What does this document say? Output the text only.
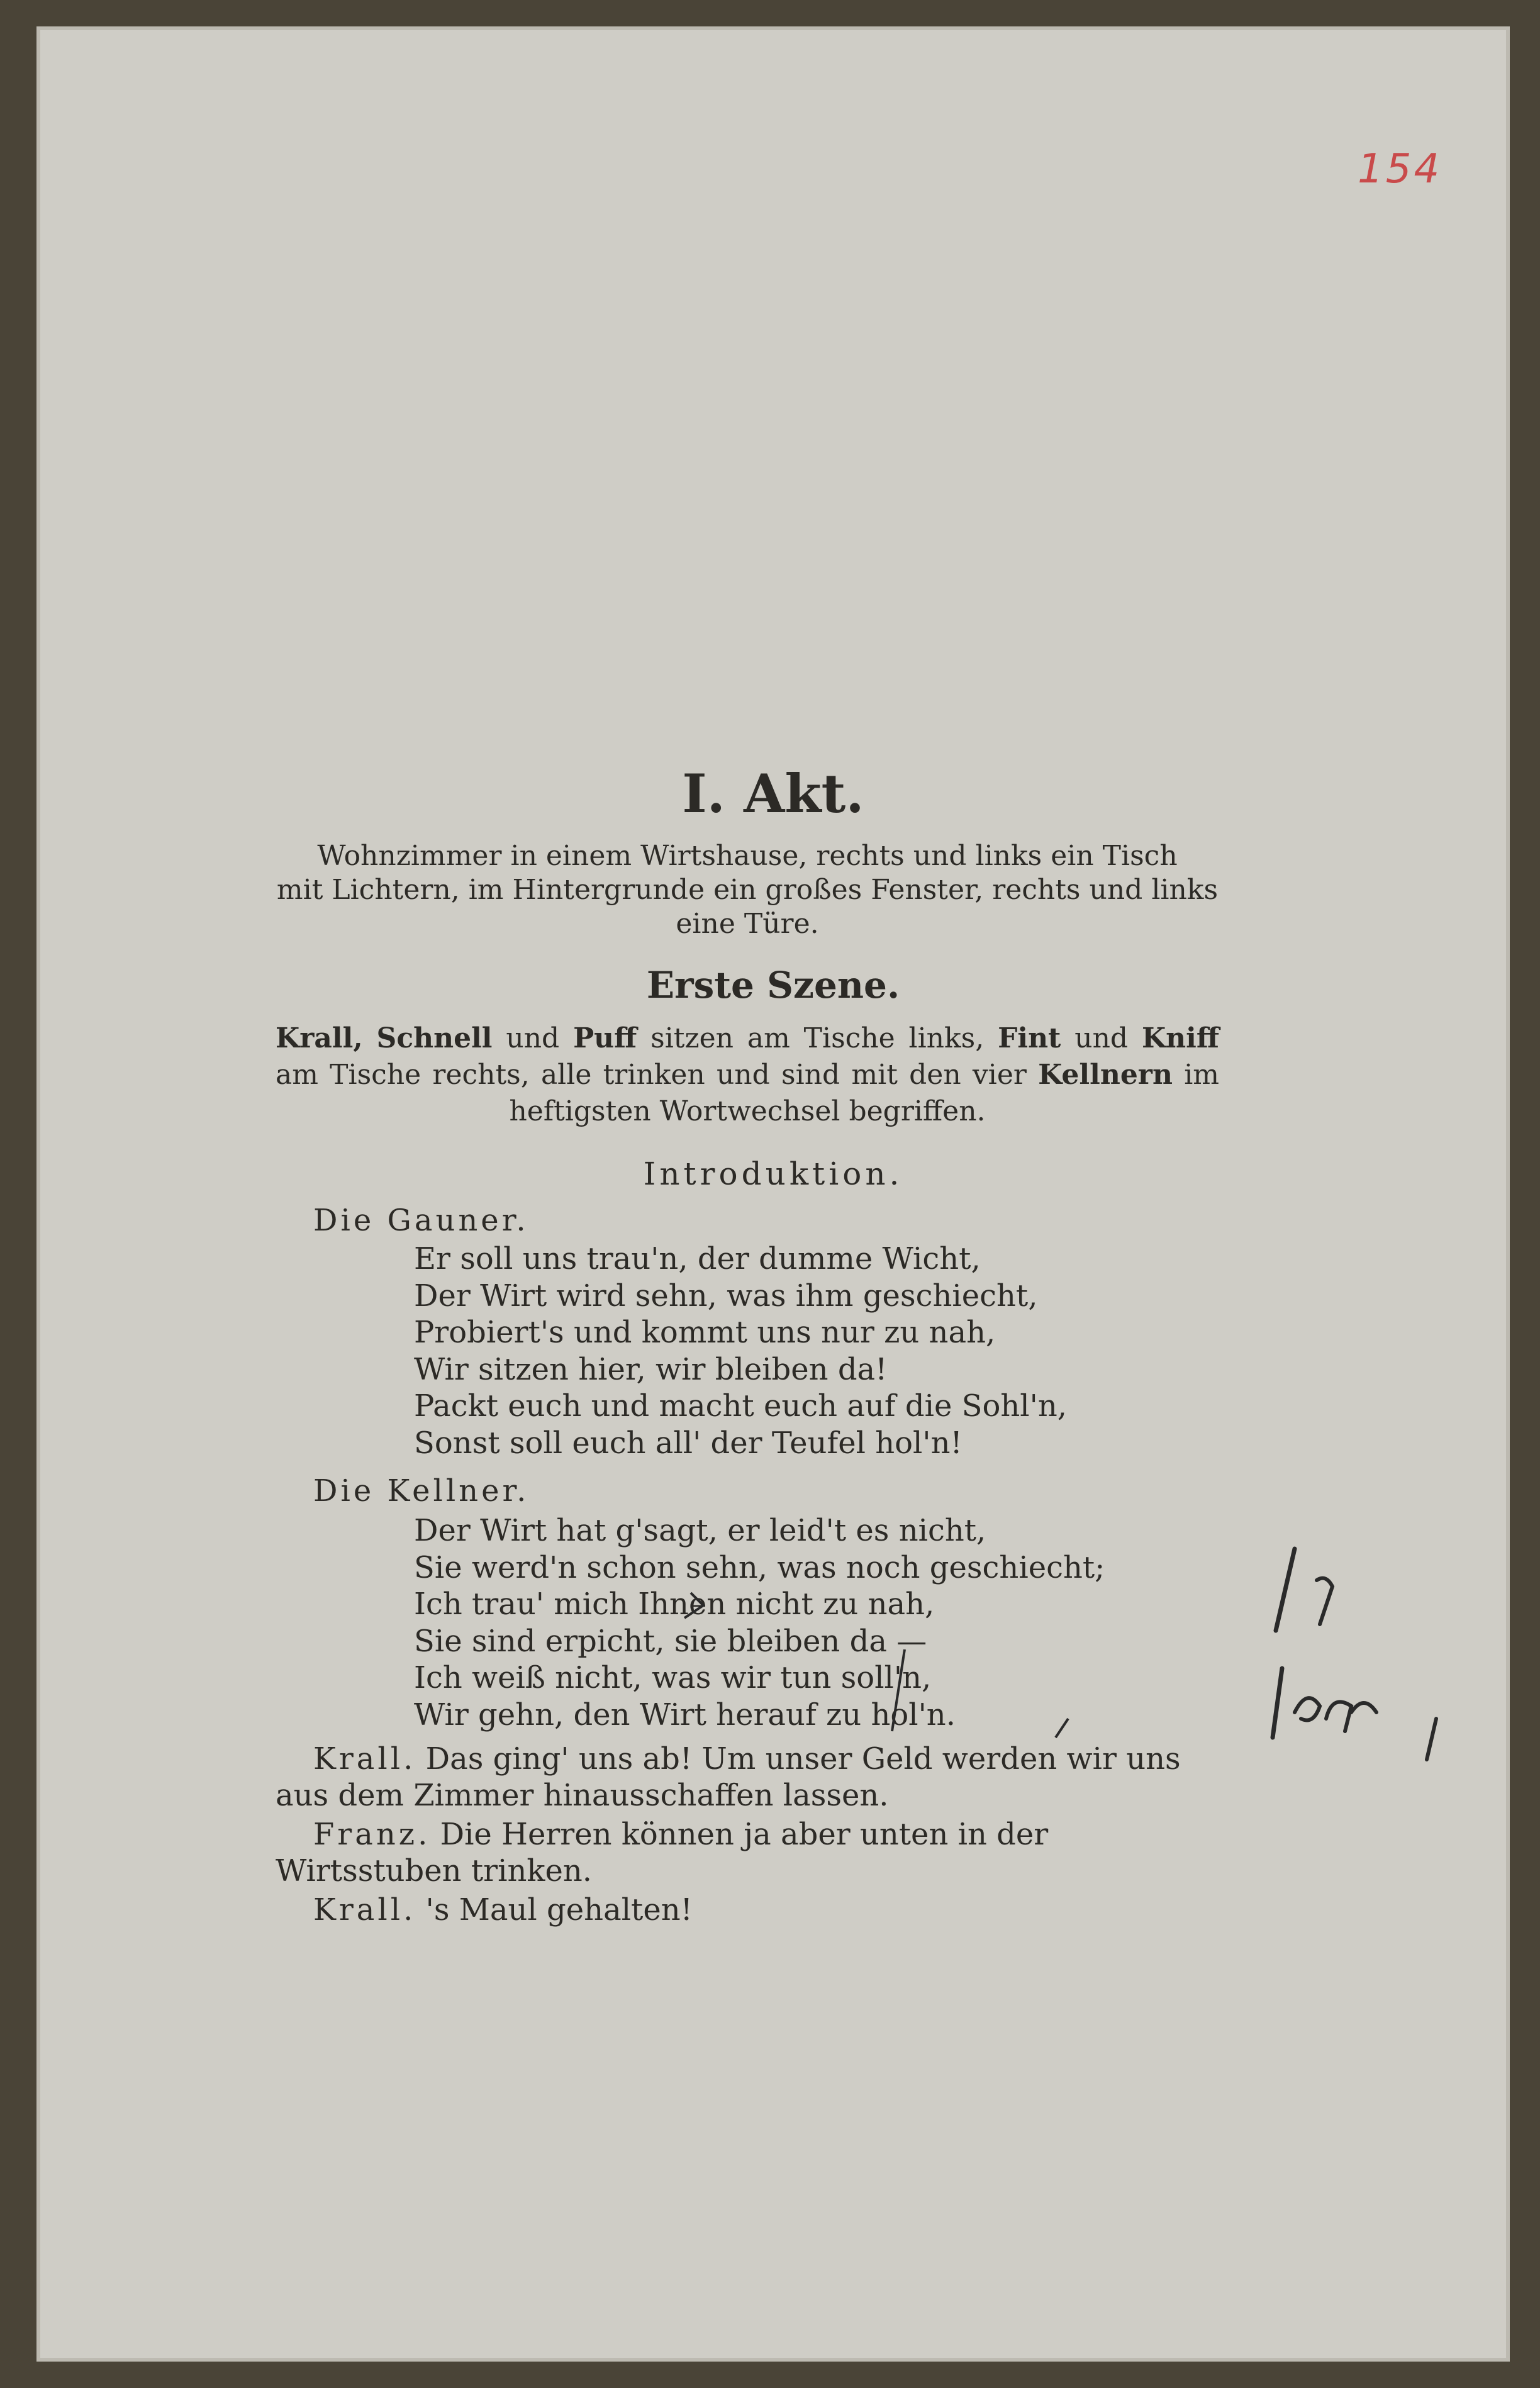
154
I. Akt.
Wohnzimmer in einem Wirtshause, rechts und links ein Tisch
mit Lichtern, im Hintergrunde ein großes Fenster, rechts und links
eine Türe.
Erste Szene.
Krall, Schnell und Puff sitzen am Tische links, Fint und Kniff am Tische rechts, alle trinken und sind mit den vier Kellnern im heftigsten Wortwechsel begriffen.
Introduktion.
Die Gauner.
Er soll uns trau'n, der dumme Wicht,
Der Wirt wird sehn, was ihm geschiecht,
Probiert's und kommt uns nur zu nah,
Wir sitzen hier, wir bleiben da!
Packt euch und macht euch auf die Sohl'n,
Sonst soll euch all' der Teufel hol'n!
Die Kellner.
Der Wirt hat g'sagt, er leid't es nicht,
Sie werd'n schon sehn, was noch geschiecht;
Ich trau' mich Ihnen nicht zu nah,
Sie sind erpicht, sie bleiben da —
Ich weiß nicht, was wir tun soll'n,
Wir gehn, den Wirt herauf zu hol'n.
Krall. Das ging' uns ab! Um unser Geld werden wir uns aus dem Zimmer hinausschaffen lassen.
Franz. Die Herren können ja aber unten in der Wirtsstuben trinken.
Krall. 's Maul gehalten!
